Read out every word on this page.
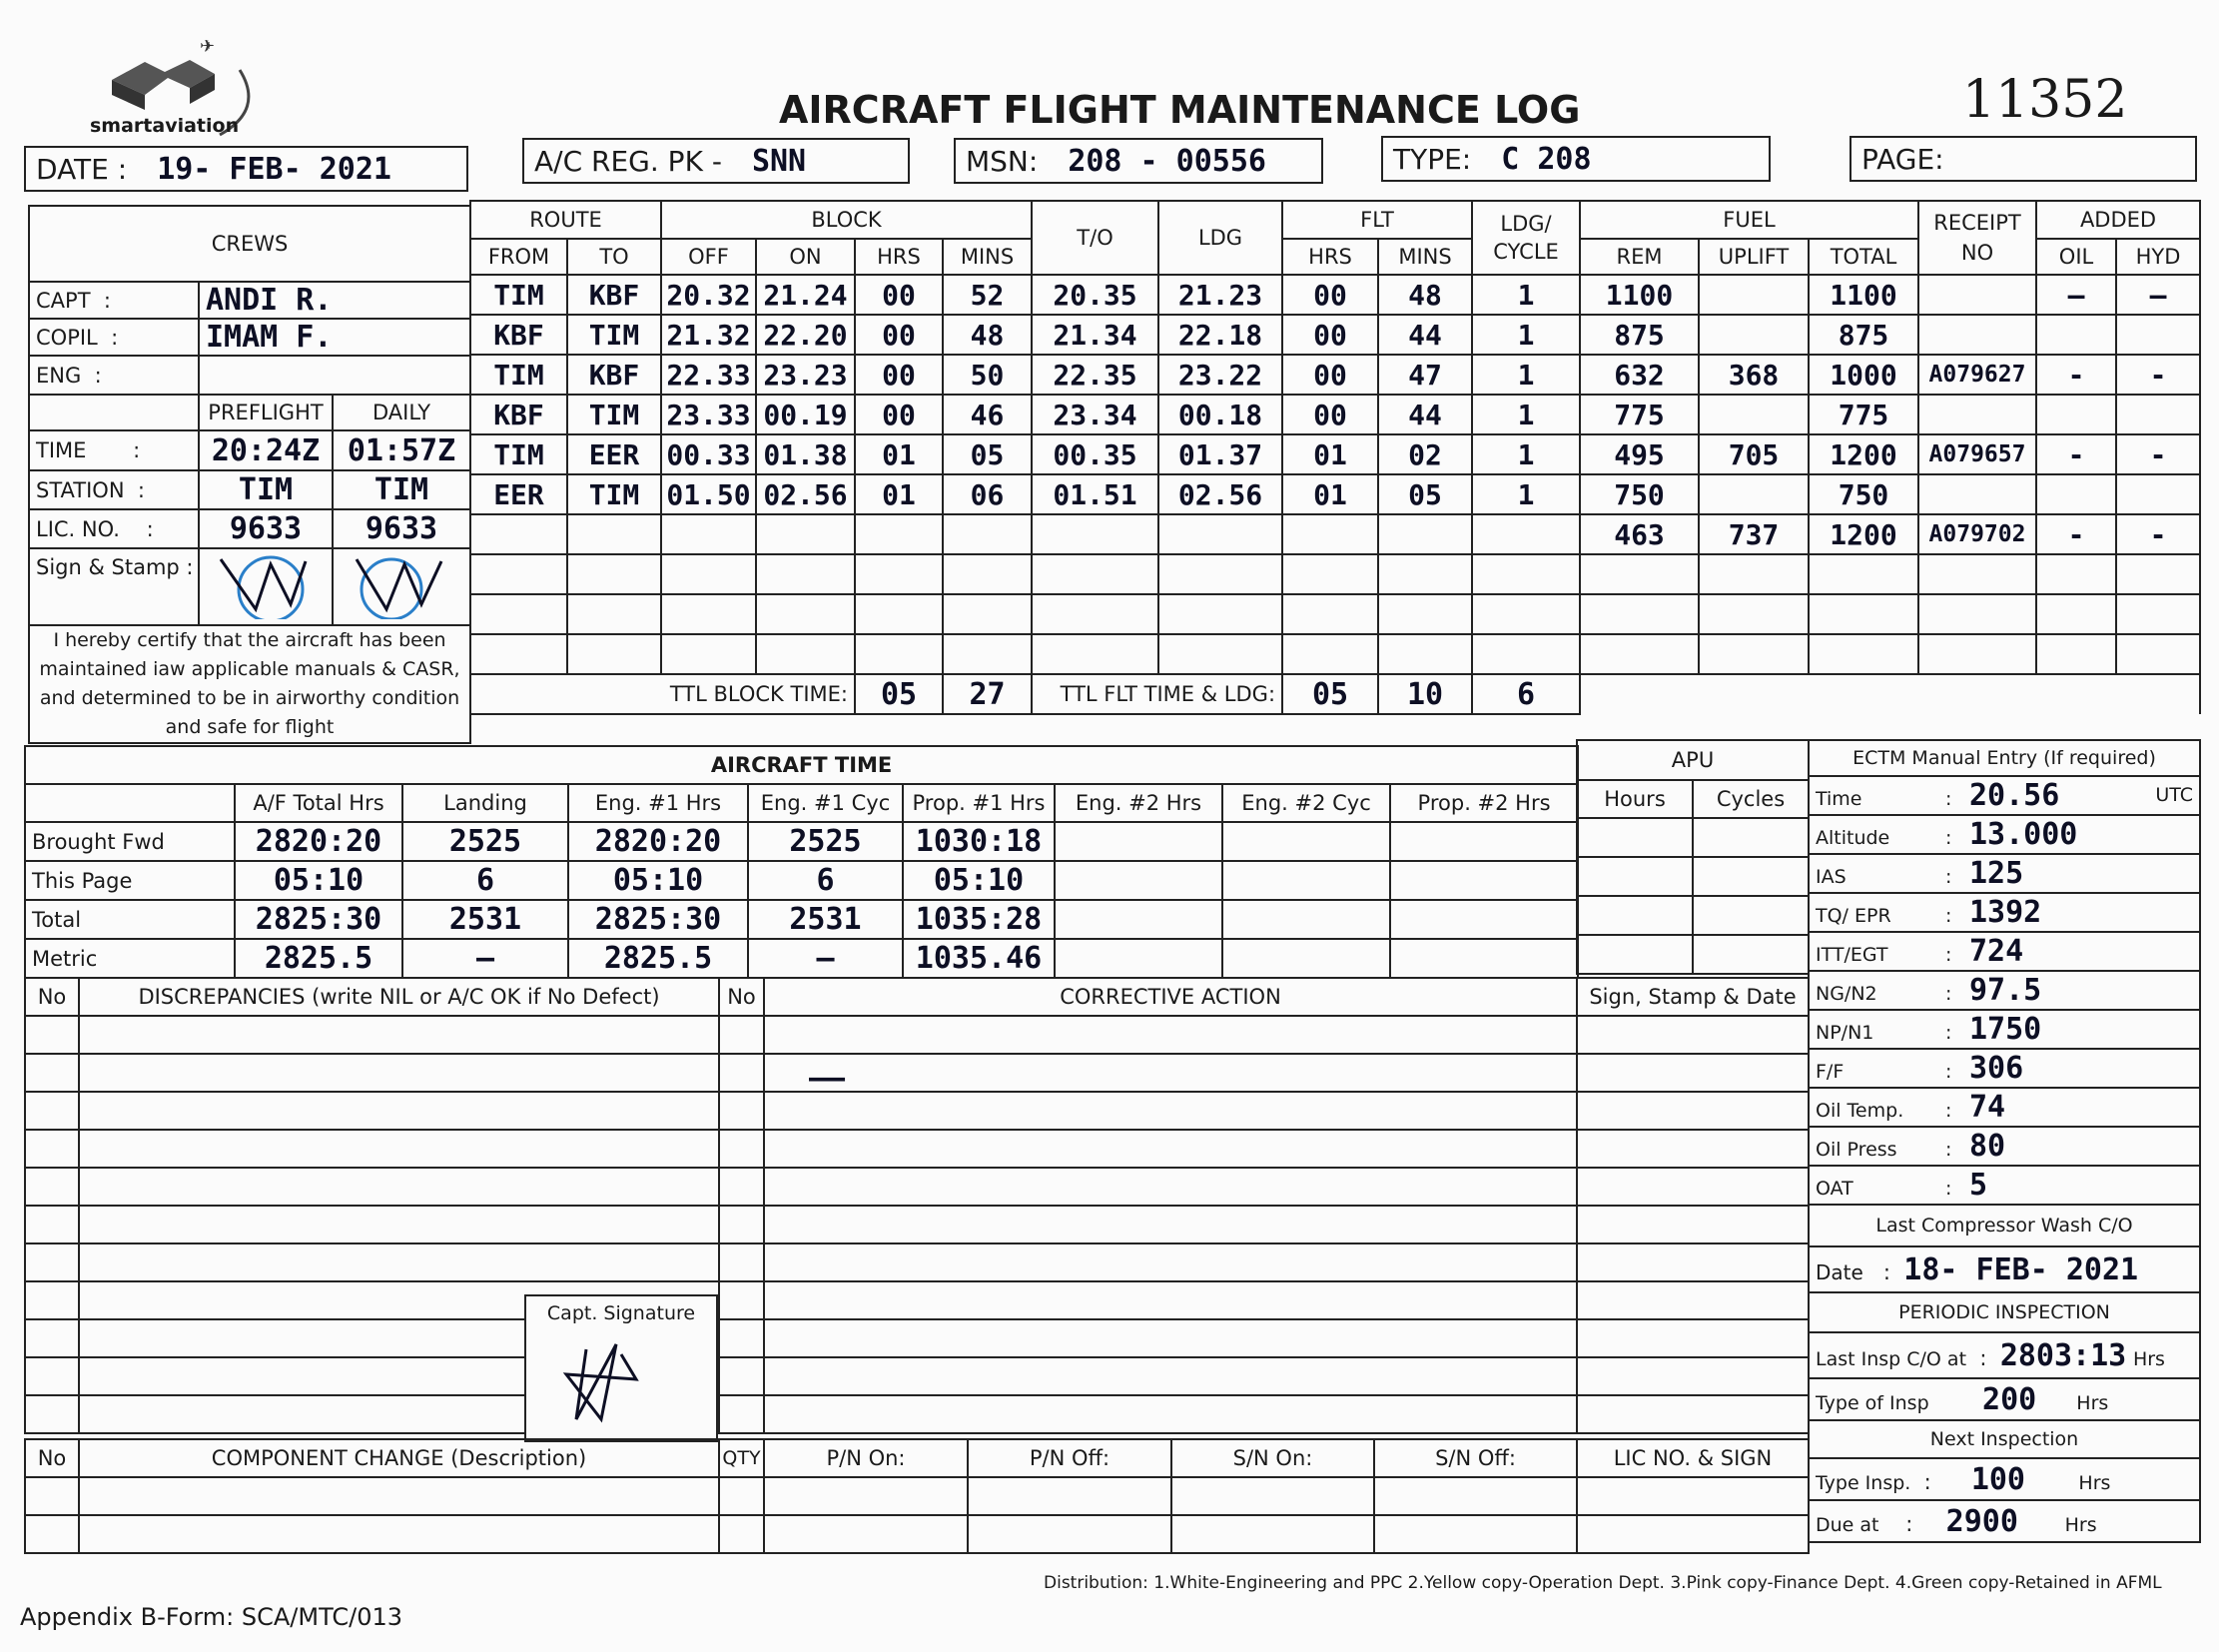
✈
smartaviation	AIRCRAFT FLIGHT MAINTENANCE LOG	11352
DATE : 19- FEB- 2021	A/C REG. PK - SNN	MSN: 208 - 00556	TYPE: C 208	PAGE:
CREWS		
CAPT  :	ANDI R.	
COPIL  :	IMAM F.	
ENG  :		
	PREFLIGHT	DAILY
TIME       :	20:24Z	01:57Z
STATION  :	TIM	TIM
LIC. NO.    :	9633	9633
Sign & Stamp :		
I hereby certify that the aircraft has been maintained iaw applicable manuals & CASR, and determined to be in airworthy condition and safe for flight		
ROUTE		BLOCK				T/O	LDG	FLT		LDG/ CYCLE	FUEL			RECEIPT NO	ADDED	
FROM	TO	OFF	ON	HRS	MINS			HRS	MINS		REM	UPLIFT	TOTAL		OIL	HYD
TIM	KBF	20.32	21.24	00	52	20.35	21.23	00	48	1	1100		1100		—	—
KBF	TIM	21.32	22.20	00	48	21.34	22.18	00	44	1	875		875			
TIM	KBF	22.33	23.23	00	50	22.35	23.22	00	47	1	632	368	1000	A079627	-	-
KBF	TIM	23.33	00.19	00	46	23.34	00.18	00	44	1	775		775			
TIM	EER	00.33	01.38	01	05	00.35	01.37	01	02	1	495	705	1200	A079657	-	-
EER	TIM	01.50	02.56	01	06	01.51	02.56	01	05	1	750		750			
											463	737	1200	A079702	-	-

TTL BLOCK TIME:				05	27	TTL FLT TIME & LDG:		05	10	6						
AIRCRAFT TIME								
	A/F Total Hrs	Landing	Eng. #1 Hrs	Eng. #1 Cyc	Prop. #1 Hrs	Eng. #2 Hrs	Eng. #2 Cyc	Prop. #2 Hrs
Brought Fwd	2820:20	2525	2820:20	2525	1030:18			
This Page	05:10	6	05:10	6	05:10			
Total	2825:30	2531	2825:30	2531	1035:28			
Metric	2825.5	—	2825.5	—	1035.46			
APU	
Hours	Cycles

ECTM Manual Entry (If required)
Time	: 20.56	UTC

Altitude	: 13.000
IAS	: 125
TQ/ EPR	: 1392
ITT/EGT	: 724
NG/N2	: 97.5
NP/N1	: 1750
F/F	: 306
Oil Temp. : 74
Oil Press	: 80
OAT	: 5
Last Compressor Wash C/O
Date   :  18- FEB- 2021
PERIODIC INSPECTION
Last Insp C/O at  :  2803:13 Hrs
Type of Insp 200 Hrs
Next Inspection
Type Insp.  :      100	Hrs
Due at    :     2900 Hrs
No	DISCREPANCIES (write NIL or A/C OK if No Defect)	No	CORRECTIVE ACTION	Sign, Stamp & Date

Capt. Signature
——
No	COMPONENT CHANGE (Description)	QTY	P/N On:	P/N Off:	S/N On:	S/N Off:	LIC NO. & SIGN

Distribution: 1.White-Engineering and PPC 2.Yellow copy-Operation Dept. 3.Pink copy-Finance Dept. 4.Green copy-Retained in AFML
Appendix B-Form: SCA/MTC/013
